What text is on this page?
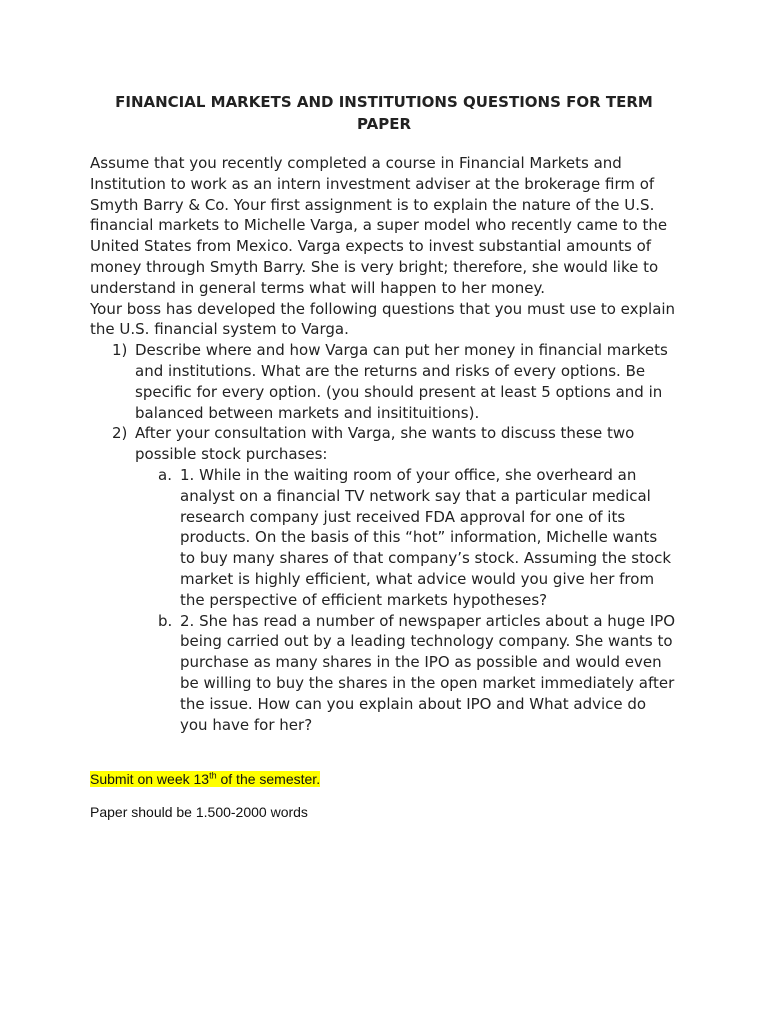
FINANCIAL MARKETS AND INSTITUTIONS QUESTIONS FOR TERM PAPER

Assume that you recently completed a course in Financial Markets and Institution to work as an intern investment adviser at the brokerage firm of Smyth Barry & Co. Your first assignment is to explain the nature of the U.S. financial markets to Michelle Varga, a super model who recently came to the United States from Mexico. Varga expects to invest substantial amounts of money through Smyth Barry. She is very bright; therefore, she would like to understand in general terms what will happen to her money.

Your boss has developed the following questions that you must use to explain the U.S. financial system to Varga.

1) Describe where and how Varga can put her money in financial markets and institutions. What are the returns and risks of every options. Be specific for every option. (you should present at least 5 options and in balanced between markets and insitituitions).
2) After your consultation with Varga, she wants to discuss these two possible stock purchases:
a. 1. While in the waiting room of your office, she overheard an analyst on a financial TV network say that a particular medical research company just received FDA approval for one of its products. On the basis of this “hot” information, Michelle wants to buy many shares of that company’s stock. Assuming the stock market is highly efficient, what advice would you give her from the perspective of efficient markets hypotheses?
b. 2. She has read a number of newspaper articles about a huge IPO being carried out by a leading technology company. She wants to purchase as many shares in the IPO as possible and would even be willing to buy the shares in the open market immediately after the issue. How can you explain about IPO and What advice do you have for her?
Submit on week 13th of the semester.
Paper should be 1.500-2000 words
